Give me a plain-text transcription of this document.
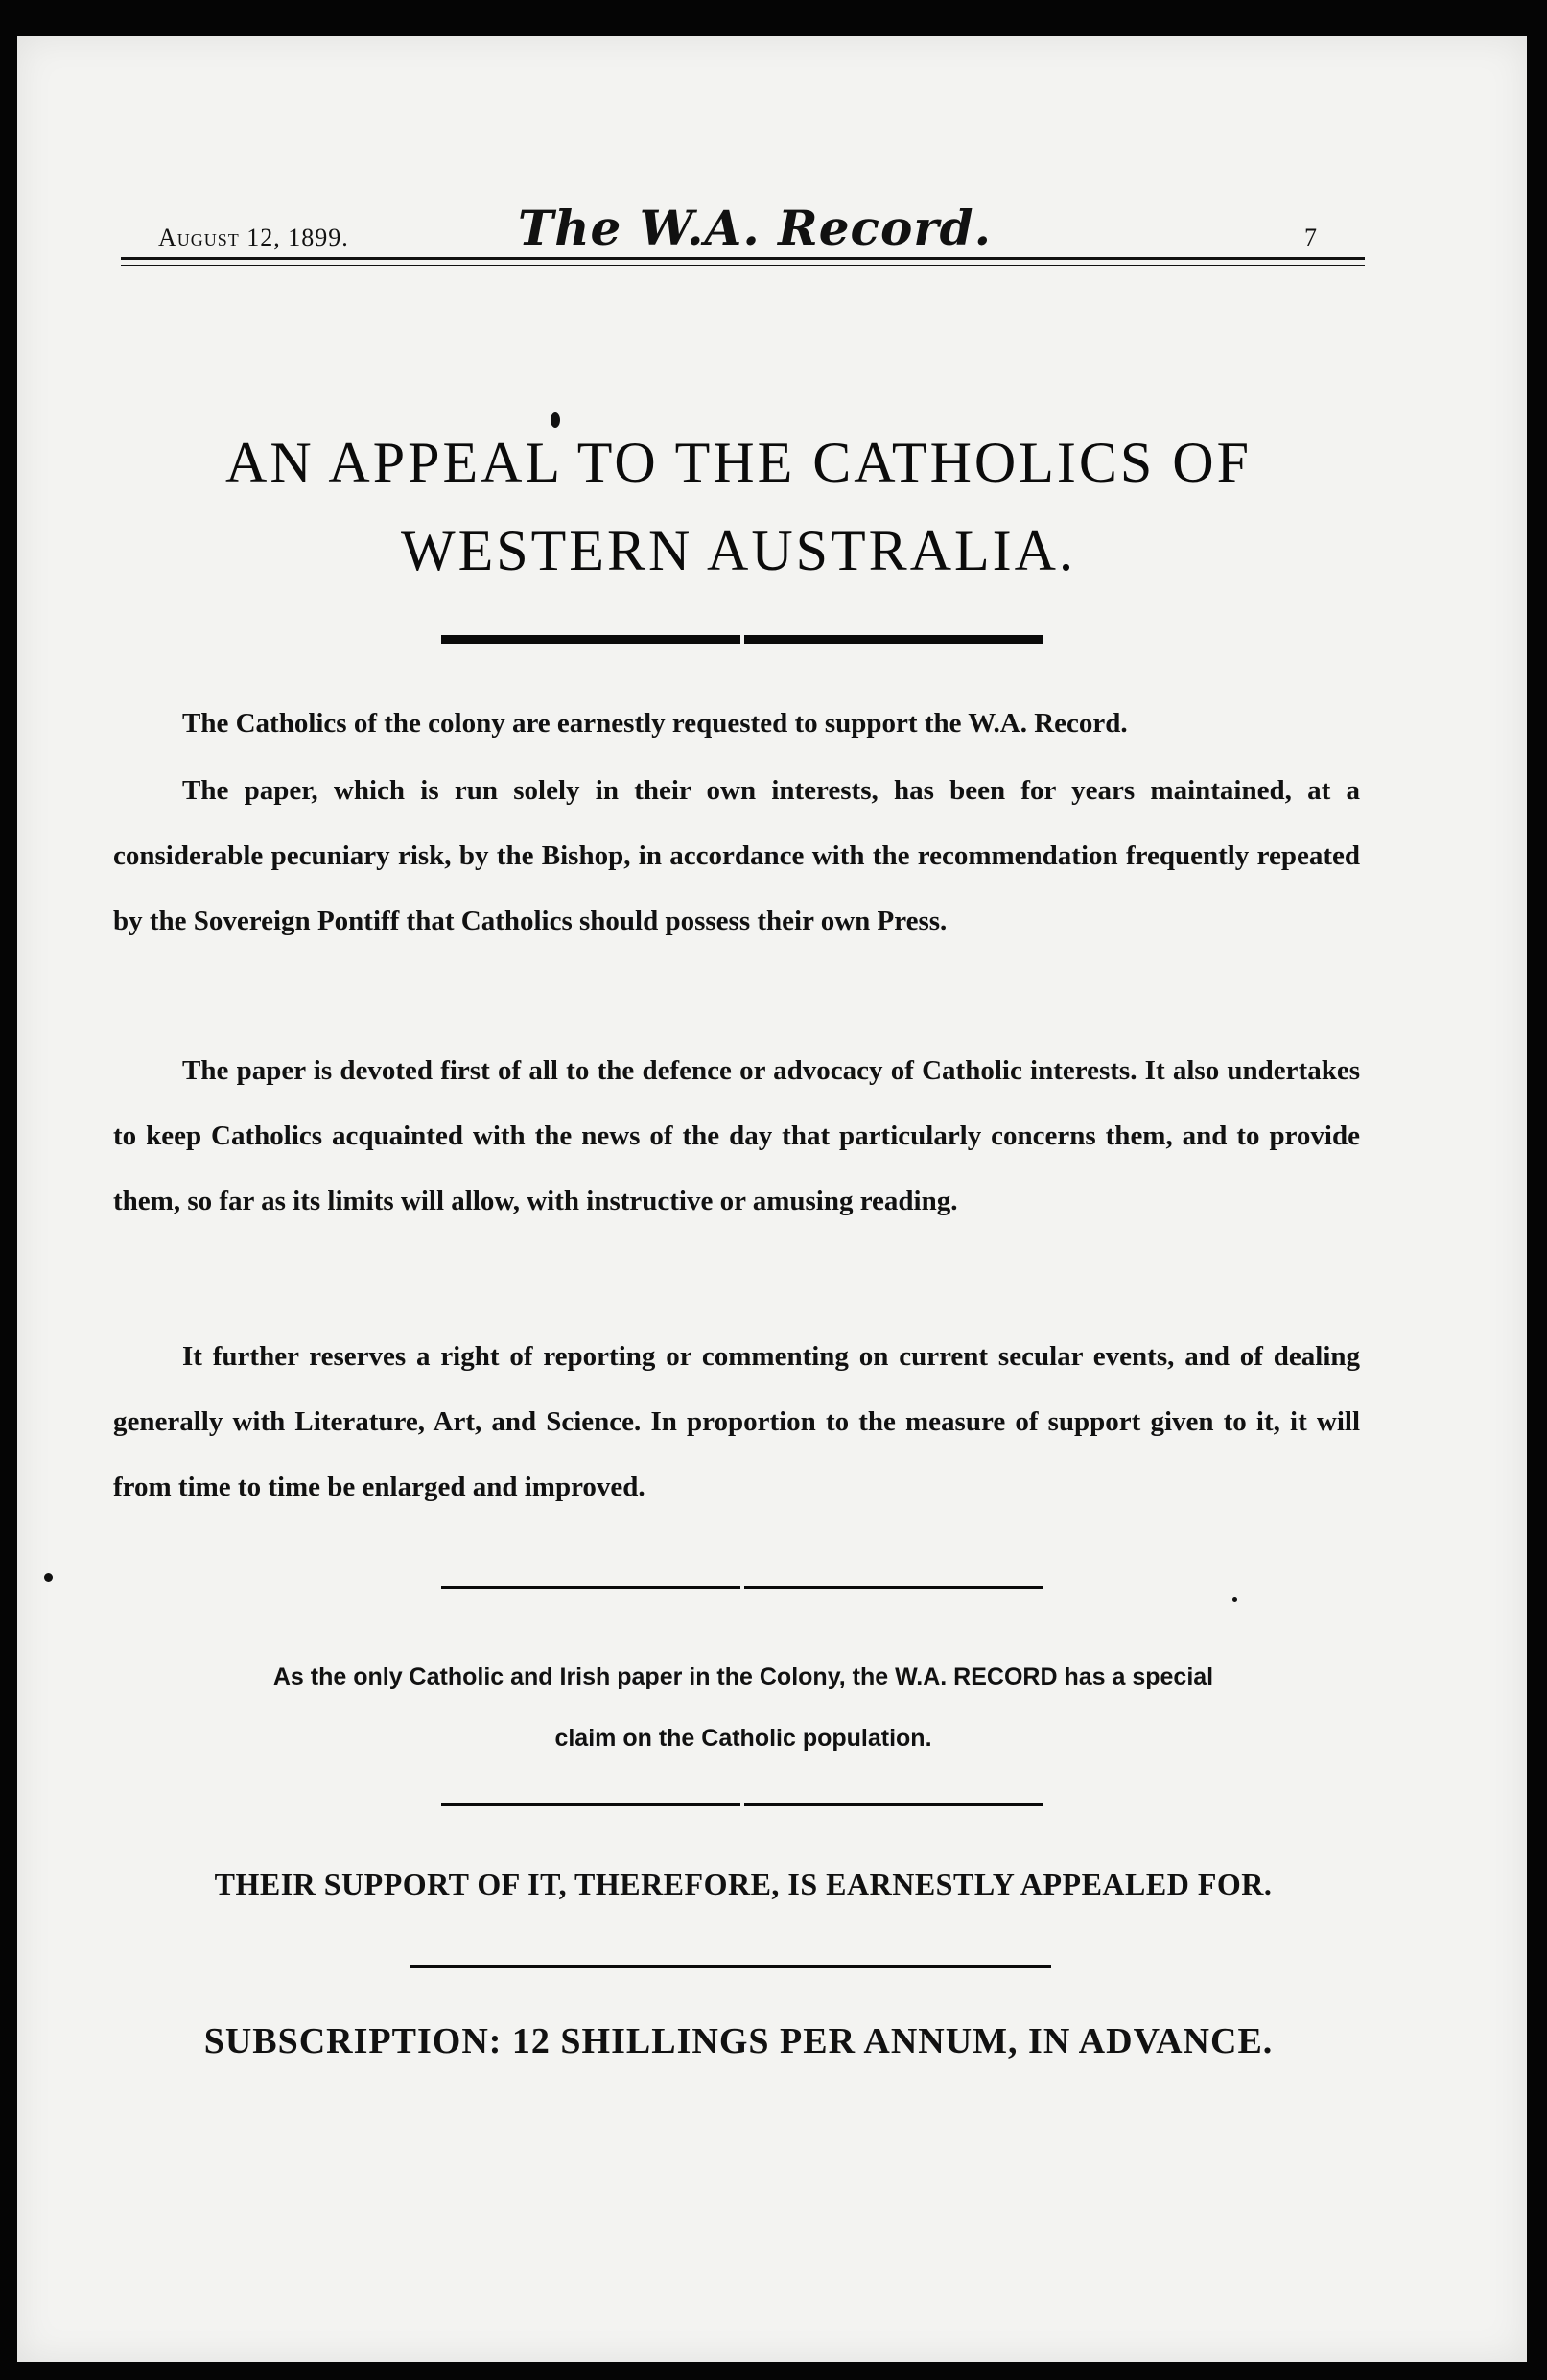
August 12, 1899.	The W.A. Record.	7
AN APPEAL TO THE CATHOLICS OF
WESTERN AUSTRALIA.

The Catholics of the colony are earnestly requested to support the W.A. Record.

The paper, which is run solely in their own interests, has been for years maintained, at a considerable pecuniary risk, by the Bishop, in accordance with the recommendation frequently repeated by the Sovereign Pontiff that Catholics should possess their own Press.

The paper is devoted first of all to the defence or advocacy of Catholic interests. It also undertakes to keep Catholics acquainted with the news of the day that particularly concerns them, and to provide them, so far as its limits will allow, with instructive or amusing reading.

It further reserves a right of reporting or commenting on current secular events, and of dealing generally with Literature, Art, and Science. In proportion to the measure of support given to it, it will from time to time be enlarged and improved.

As the only Catholic and Irish paper in the Colony, the W.A. RECORD has a special
claim on the Catholic population.
THEIR SUPPORT OF IT, THEREFORE, IS EARNESTLY APPEALED FOR.
SUBSCRIPTION: 12 SHILLINGS PER ANNUM, IN ADVANCE.
